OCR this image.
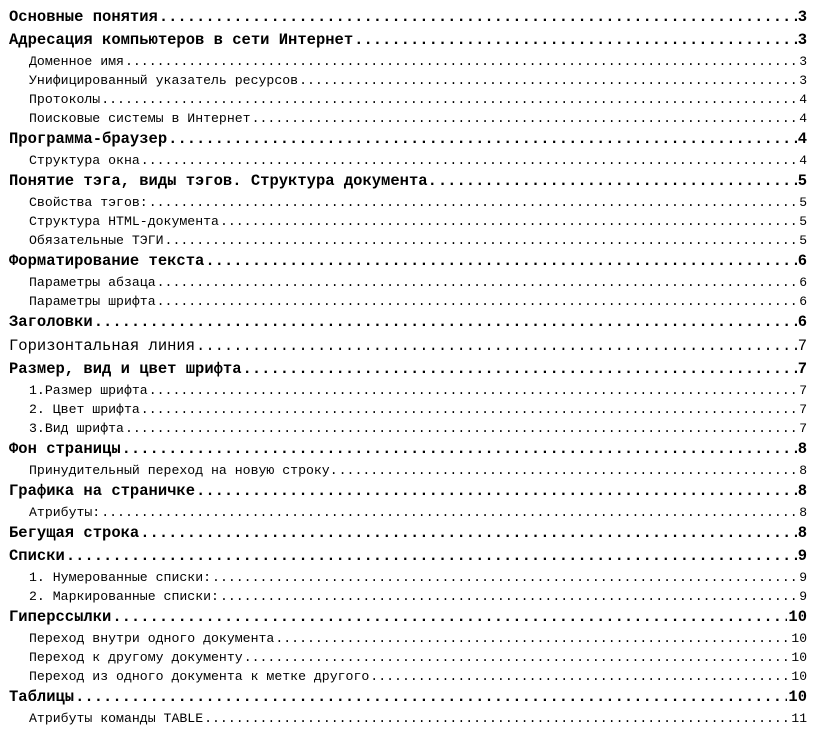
Основные понятия .....	3
Адресация компьютеров в сети Интернет .....	3
Доменное имя .....	3
Унифицированный указатель ресурсов .....	3
Протоколы .....	4
Поисковые системы в Интернет .....	4
Программа-браузер .....	4
Структура окна .....	4
Понятие тэга, виды тэгов. Структура документа. .....	5
Свойства тэгов: .....	5
Структура HTML-документа .....	5
Обязательные ТЭГИ .....	5
Форматирование текста .....	6
Параметры абзаца .....	6
Параметры шрифта .....	6
Заголовки .....	6
Горизонтальная линия .....	7
Размер, вид и цвет шрифта .....	7
1.Размер шрифта .....	7
2. Цвет шрифта .....	7
3.Вид шрифта .....	7
Фон страницы .....	8
Принудительный переход на новую строку. .....	8
Графика на страничке .....	8
Атрибуты: .....	8
Бегущая строка .....	8
Списки .....	9
1. Нумерованные списки: .....	9
2. Маркированные списки: .....	9
Гиперссылки .....	10
Переход внутри одного документа .....	10
Переход к другому документу .....	10
Переход из одного документа к метке другого .....	10
Таблицы .....	10
Атрибуты команды TABLE .....	11
